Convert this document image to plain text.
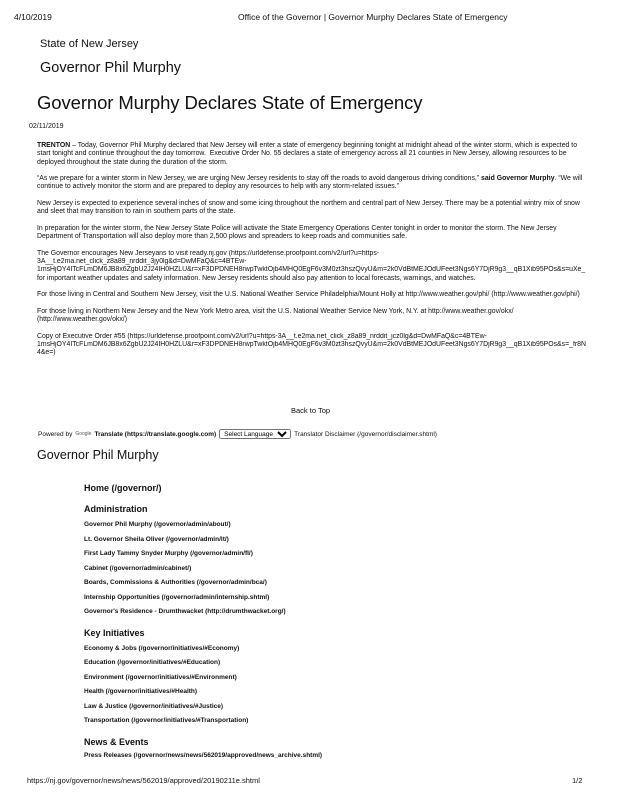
4/10/2019	Office of the Governor | Governor Murphy Declares State of Emergency
State of New Jersey
Governor Phil Murphy
Governor Murphy Declares State of Emergency
02/11/2019

TRENTON – Today, Governor Phil Murphy declared that New Jersey will enter a state of emergency beginning tonight at midnight ahead of the winter storm, which is expected to start tonight and continue throughout the day tomorrow.  Executive Order No. 55 declares a state of emergency across all 21 counties in New Jersey, allowing resources to be deployed throughout the state during the duration of the storm.

“As we prepare for a winter storm in New Jersey, we are urging New Jersey residents to stay off the roads to avoid dangerous driving conditions,” said Governor Murphy. “We will continue to actively monitor the storm and are prepared to deploy any resources to help with any storm-related issues.”

New Jersey is expected to experience several inches of snow and some icing throughout the northern and central part of New Jersey. There may be a potential wintry mix of snow and sleet that may transition to rain in southern parts of the state.

In preparation for the winter storm, the New Jersey State Police will activate the State Emergency Operations Center tonight in order to monitor the storm. The New Jersey Department of Transportation will also deploy more than 2,500 plows and spreaders to keep roads and communities safe.

The Governor encourages New Jerseyans to visit ready.nj.gov (https://urldefense.proofpoint.com/v2/url?u=https-
3A__t.e2ma.net_click_z8a89_nrddit_3jy0lg&d=DwMFaQ&c=4BTEw-
1msHjOY4ITcFLmDM6JB8x6ZgbU2J24IH0HZLU&r=xF3DPDNEH8rwpTwktOjb4MHQ0EgF6v3M0zt3hszQvyU&m=2k0VdBtMEJOdUFeet3Ngs6Y7DjR9g3__qB1Xib95POs&s=uXe_
for important weather updates and safety information. New Jersey residents should also pay attention to local forecasts, warnings, and watches.

For those living in Central and Southern New Jersey, visit the U.S. National Weather Service Philadelphia/Mount Holly at http://www.weather.gov/phi/ (http://www.weather.gov/phi/)

For those living in Northern New Jersey and the New York Metro area, visit the U.S. National Weather Service New York, N.Y. at http://www.weather.gov/okx/ (http://www.weather.gov/okx/)

Copy of Executive Order #55 (https://urldefense.proofpoint.com/v2/url?u=https-3A__t.e2ma.net_click_z8a89_nrddit_jcz0lg&d=DwMFaQ&c=4BTEw-
1msHjOY4ITcFLmDM6JB8x6ZgbU2J24IH0HZLU&r=xF3DPDNEH8rwpTwktOjb4MHQ0EgF6v3M0zt3hszQvyU&m=2k0VdBtMEJOdUFeet3Ngs6Y7DjR9g3__qB1Xib95POs&s=_fr8N
4&e=)

Back to Top
Powered by Google Translate (https://translate.google.com)
Select Language	Translator Disclaimer (/governor/disclaimer.shtml)
Governor Phil Murphy

Home (/governor/)

Administration

Governor Phil Murphy (/governor/admin/about/)

Lt. Governor Sheila Oliver (/governor/admin/lt/)

First Lady Tammy Snyder Murphy (/governor/admin/fl/)

Cabinet (/governor/admin/cabinet/)

Boards, Commissions & Authorities (/governor/admin/bca/)

Internship Opportunities (/governor/admin/internship.shtml)

Governor's Residence - Drumthwacket (http://drumthwacket.org/)

Key Initiatives

Economy & Jobs (/governor/initiatives/#Economy)

Education (/governor/initiatives/#Education)

Environment (/governor/initiatives/#Environment)

Health (/governor/initiatives/#Health)

Law & Justice (/governor/initiatives/#Justice)

Transportation (/governor/initiatives/#Transportation)

News & Events

Press Releases (/governor/news/news/562019/approved/news_archive.shtml)

https://nj.gov/governor/news/news/562019/approved/20190211e.shtml	1/2
